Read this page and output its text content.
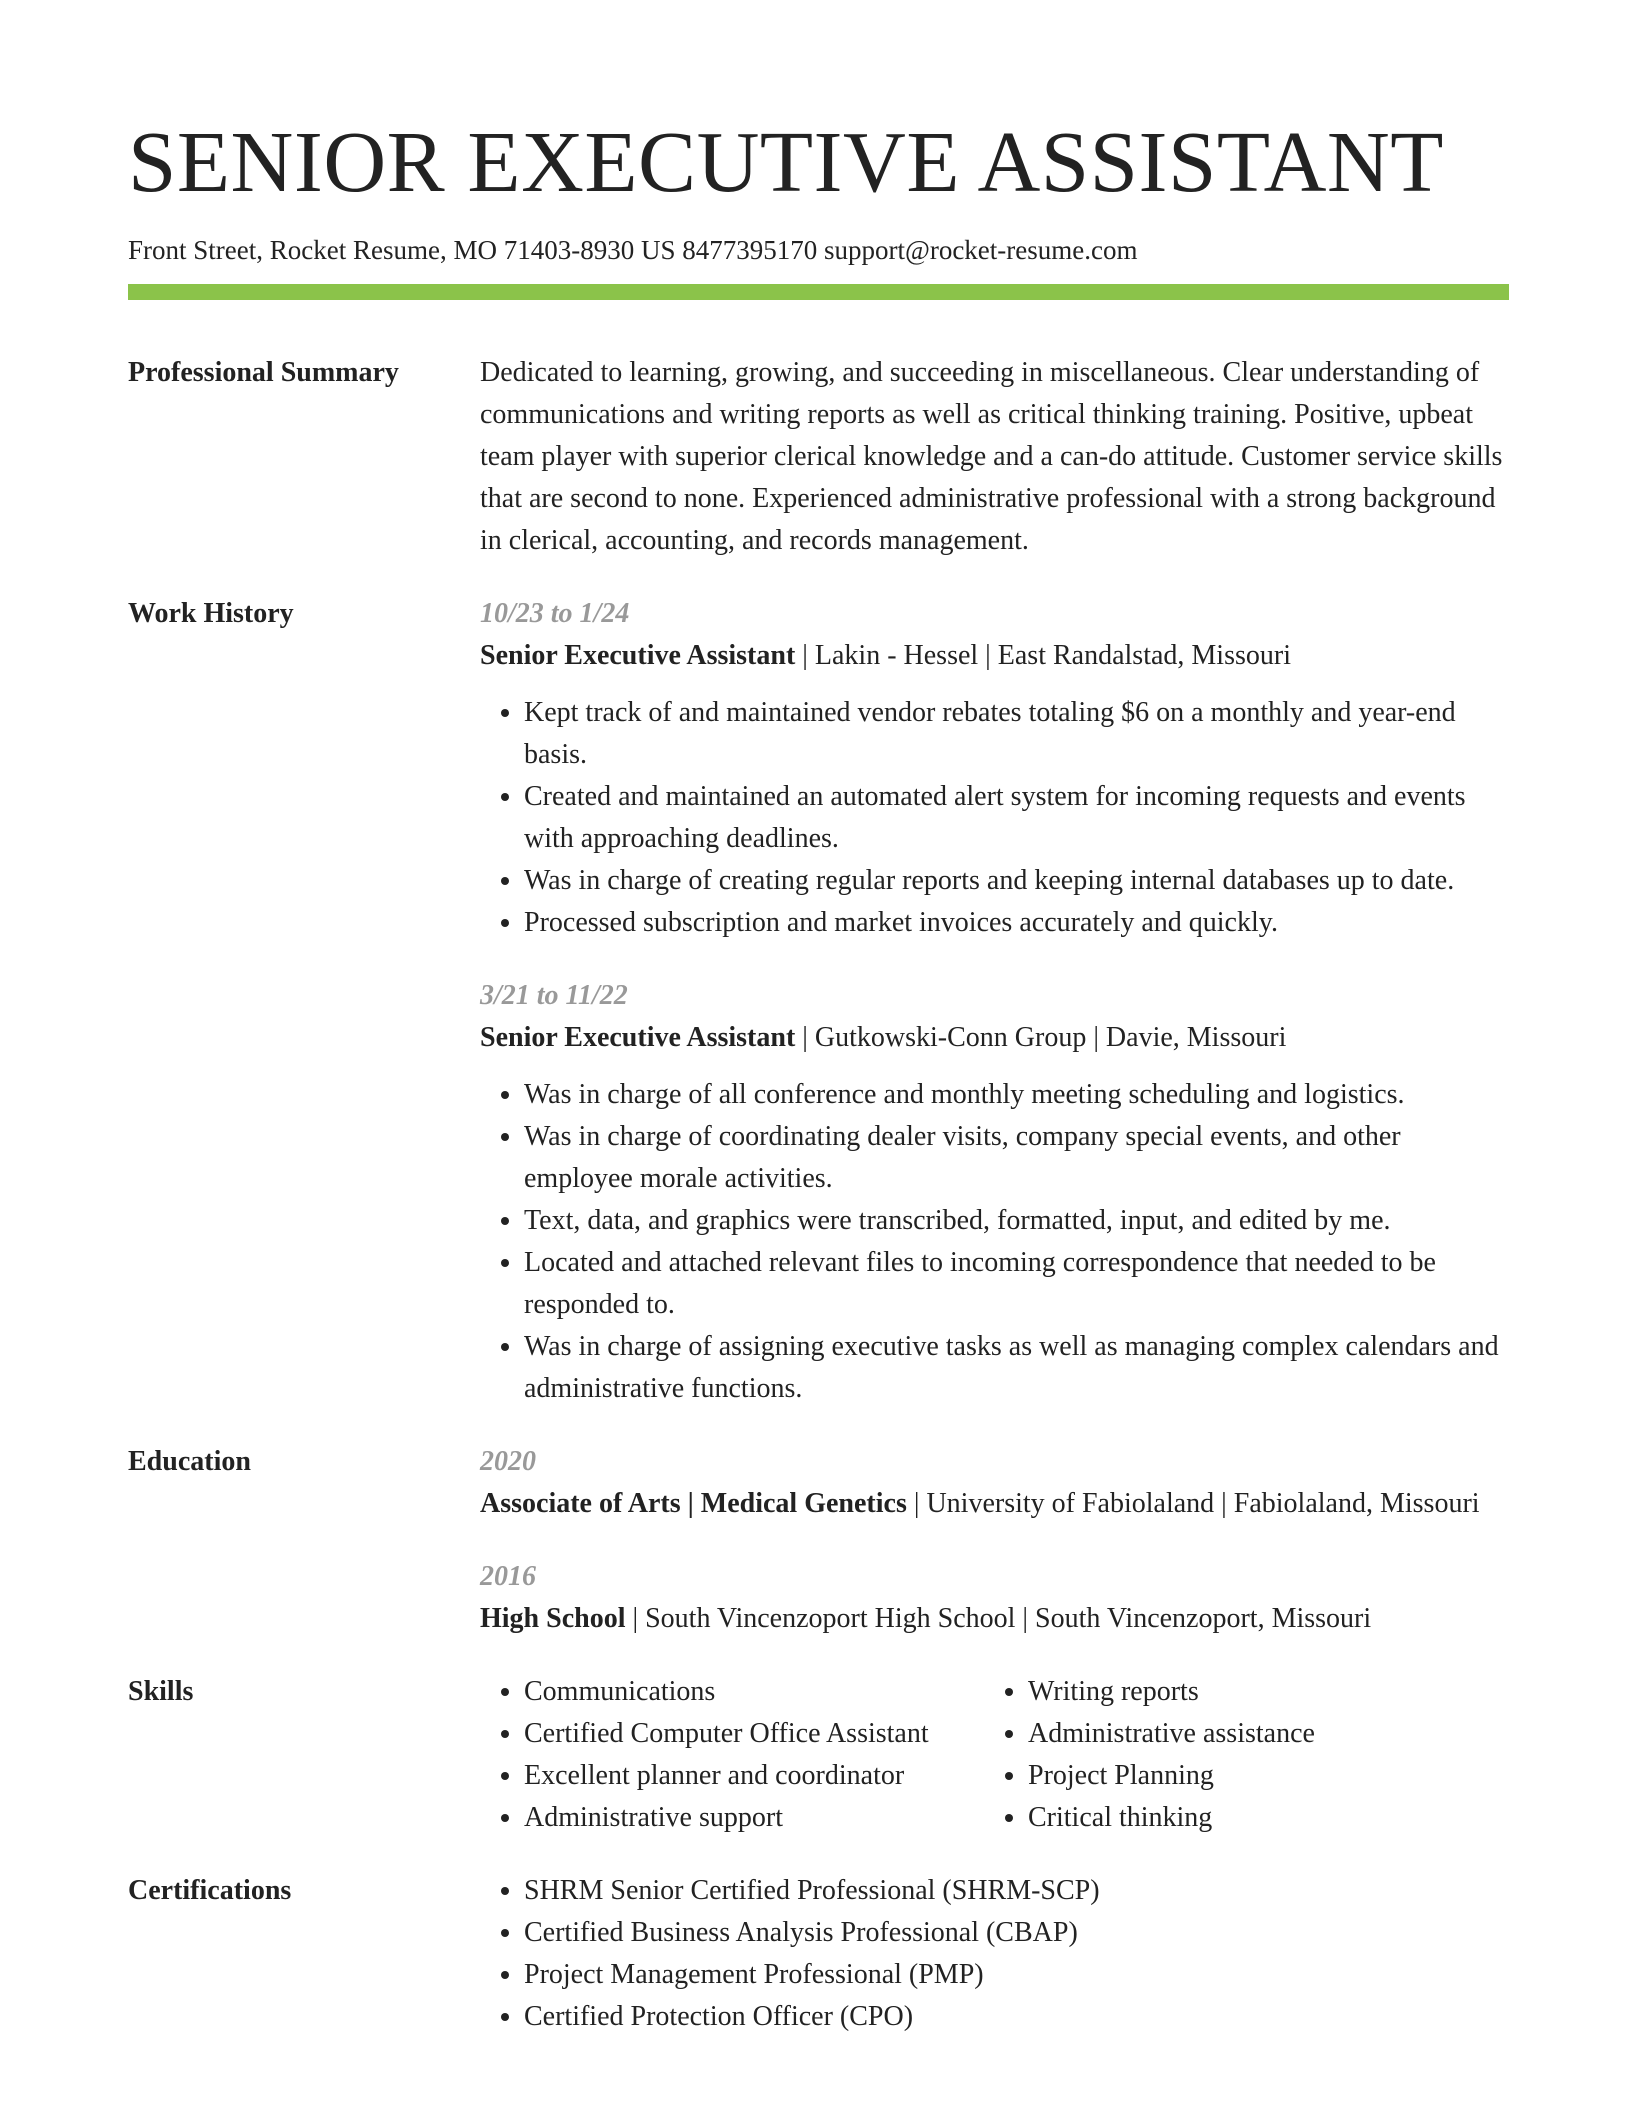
SENIOR EXECUTIVE ASSISTANT
Front Street, Rocket Resume, MO 71403-8930 US 8477395170 support@rocket-resume.com
Professional Summary	Dedicated to learning, growing, and succeeding in miscellaneous. Clear understanding of communications and writing reports as well as critical thinking training. Positive, upbeat team player with superior clerical knowledge and a can-do attitude. Customer service skills that are second to none. Experienced administrative professional with a strong background in clerical, accounting, and records management.

Work History	10/23 to 1/24
Senior Executive Assistant | Lakin - Hessel | East Randalstad, Missouri
• Kept track of and maintained vendor rebates totaling $6 on a monthly and year-end basis.
• Created and maintained an automated alert system for incoming requests and events with approaching deadlines.
• Was in charge of creating regular reports and keeping internal databases up to date.
• Processed subscription and market invoices accurately and quickly.
3/21 to 11/22
Senior Executive Assistant | Gutkowski-Conn Group | Davie, Missouri
• Was in charge of all conference and monthly meeting scheduling and logistics.
• Was in charge of coordinating dealer visits, company special events, and other employee morale activities.
• Text, data, and graphics were transcribed, formatted, input, and edited by me.
• Located and attached relevant files to incoming correspondence that needed to be responded to.
• Was in charge of assigning executive tasks as well as managing complex calendars and administrative functions.
Education	2020
Associate of Arts | Medical Genetics | University of Fabiolaland | Fabiolaland, Missouri
2016
High School | South Vincenzoport High School | South Vincenzoport, Missouri
Skills	• Communications
• Certified Computer Office Assistant
• Excellent planner and coordinator
• Administrative support
• Writing reports
• Administrative assistance
• Project Planning
• Critical thinking
Certifications	• SHRM Senior Certified Professional (SHRM-SCP)
• Certified Business Analysis Professional (CBAP)
• Project Management Professional (PMP)
• Certified Protection Officer (CPO)
